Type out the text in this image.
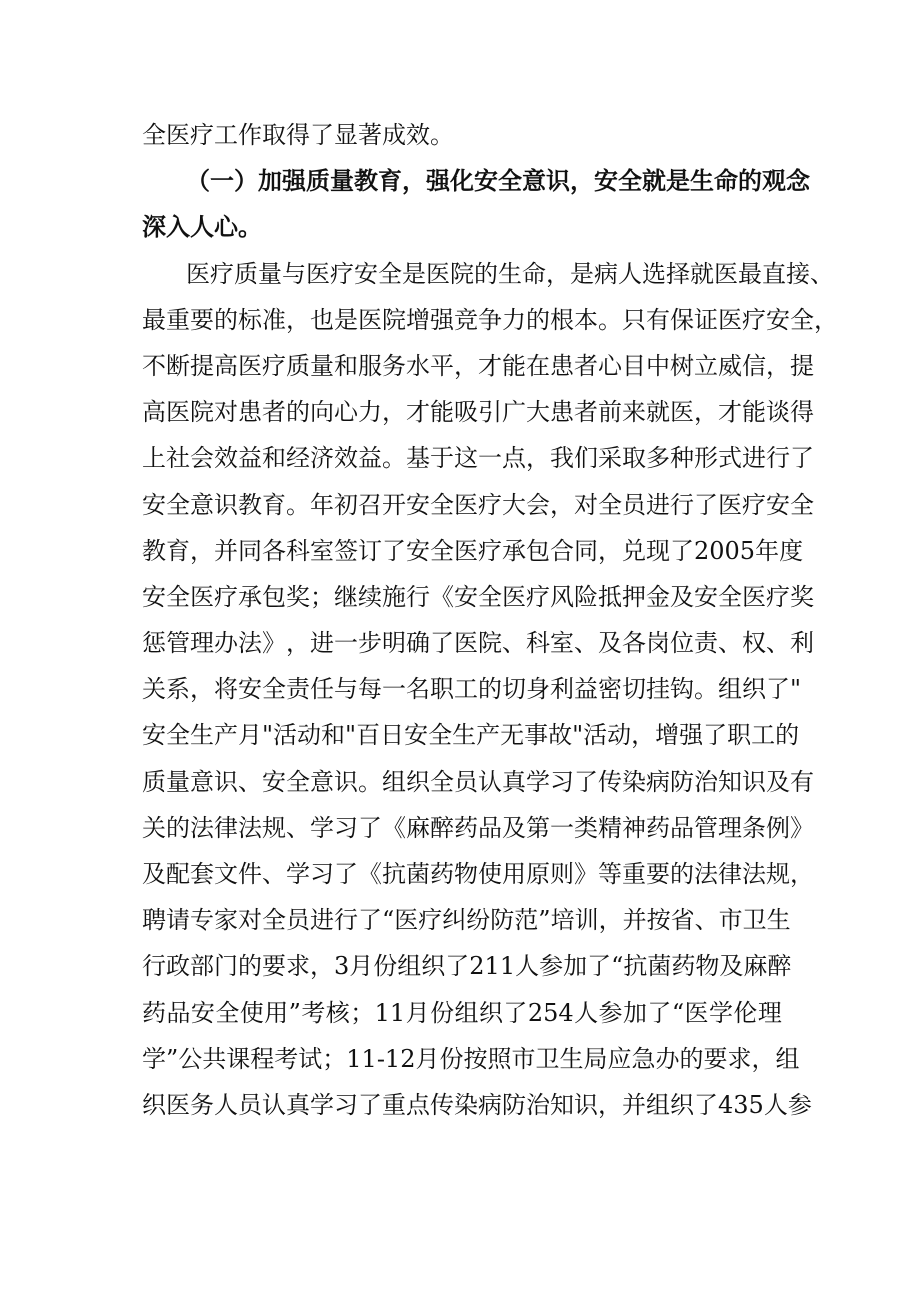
全 医 疗 工 作 取 得 了 显 著 成 效 。
（ 一 ） 加 强 质 量 教 育 ， 强 化 安 全 意 识 ， 安 全 就 是 生 命 的 观 念
深 入 人 心 。
医 疗 质 量 与 医 疗 安 全 是 医 院 的 生 命 ， 是 病 人 选 择 就 医 最 直 接 、
最 重 要 的 标 准 ， 也 是 医 院 增 强 竞 争 力 的 根 本 。 只 有 保 证 医 疗 安 全 ，
不 断 提 高 医 疗 质 量 和 服 务 水 平 ， 才 能 在 患 者 心 目 中 树 立 威 信 ， 提
高 医 院 对 患 者 的 向 心 力 ， 才 能 吸 引 广 大 患 者 前 来 就 医 ， 才 能 谈 得
上 社 会 效 益 和 经 济 效 益 。 基 于 这 一 点 ， 我 们 采 取 多 种 形 式 进 行 了
安 全 意 识 教 育 。 年 初 召 开 安 全 医 疗 大 会 ， 对 全 员 进 行 了 医 疗 安 全
教 育 ， 并 同 各 科 室 签 订 了 安 全 医 疗 承 包 合 同 ， 兑 现 了 2005 年 度
安 全 医 疗 承 包 奖 ； 继 续 施 行 《 安 全 医 疗 风 险 抵 押 金 及 安 全 医 疗 奖
惩 管 理 办 法 》 ， 进 一 步 明 确 了 医 院 、 科 室 、 及 各 岗 位 责 、 权 、 利
关 系 ， 将 安 全 责 任 与 每 一 名 职 工 的 切 身 利 益 密 切 挂 钩 。 组 织 了 "
安 全 生 产 月 " 活 动 和 " 百 日 安 全 生 产 无 事 故 " 活 动 ， 增 强 了 职 工 的
质 量 意 识 、 安 全 意 识 。 组 织 全 员 认 真 学 习 了 传 染 病 防 治 知 识 及 有
关 的 法 律 法 规 、 学 习 了 《 麻 醉 药 品 及 第 一 类 精 神 药 品 管 理 条 例 》
及 配 套 文 件 、 学 习 了 《 抗 菌 药 物 使 用 原 则 》 等 重 要 的 法 律 法 规 ，
聘 请 专 家 对 全 员 进 行 了 “ 医 疗 纠 纷 防 范 ” 培 训 ， 并 按 省 、 市 卫 生
行 政 部 门 的 要 求 ， 3 月 份 组 织 了 211 人 参 加 了 “ 抗 菌 药 物 及 麻 醉
药 品 安 全 使 用 ” 考 核 ； 11 月 份 组 织 了 254 人 参 加 了 “ 医 学 伦 理
学 ” 公 共 课 程 考 试 ； 11-12 月 份 按 照 市 卫 生 局 应 急 办 的 要 求 ， 组
织 医 务 人 员 认 真 学 习 了 重 点 传 染 病 防 治 知 识 ， 并 组 织 了 435 人 参
